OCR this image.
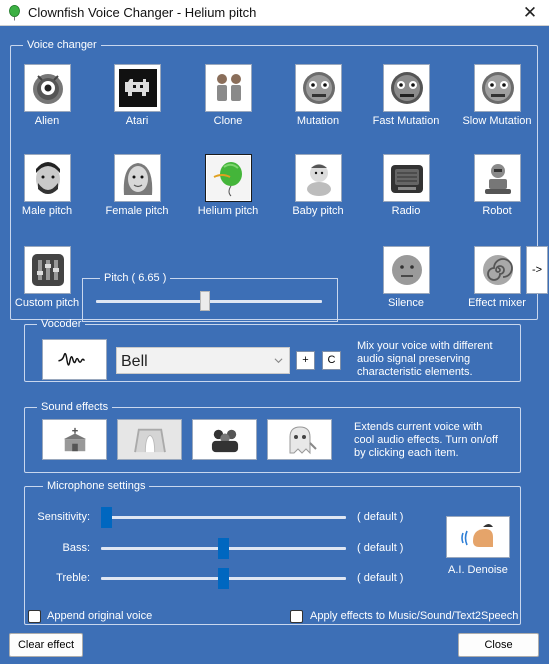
Clownfish Voice Changer - Helium pitch	✕
Voice changer
Alien	Atari	Clone	Mutation	Fast Mutation	Slow Mutation
Male pitch	Female pitch	Helium pitch	Baby pitch	Radio	Robot
Custom pitch
Pitch ( 6.65 )
Silence	Effect mixer
->
Vocoder
Bell	+	C
Mix your voice with different
audio signal preserving
characteristic elements.
Sound effects
Extends current voice with
cool audio effects. Turn on/off
by clicking each item.
Microphone settings
Sensitivity:	( default )
Bass:	( default )
Treble:	( default )
A.I. Denoise
Append original voice	Apply effects to Music/Sound/Text2Speech
Clear effect	Close
